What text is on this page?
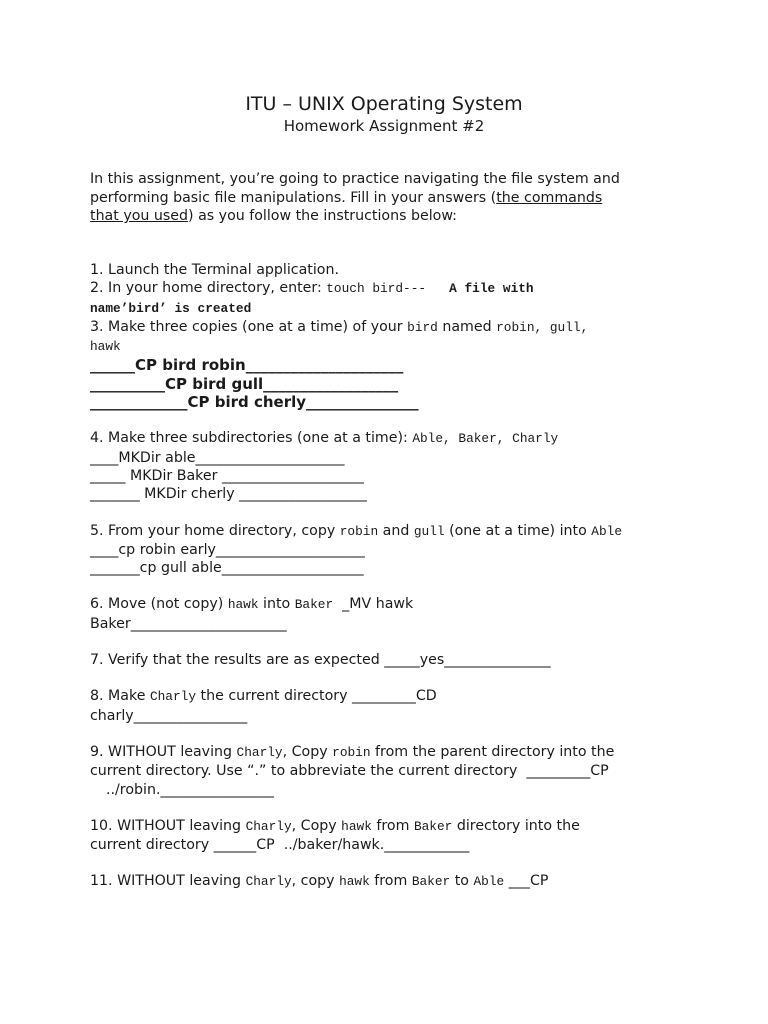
ITU – UNIX Operating System
Homework Assignment #2
In this assignment, you’re going to practice navigating the file system and
performing basic file manipulations. Fill in your answers (the commands
that you used) as you follow the instructions below:
1. Launch the Terminal application.
2. In your home directory, enter: touch bird---   A file with
name’bird’ is created
3. Make three copies (one at a time) of your bird named robin, gull,
hawk
______CP bird robin_____________________
__________CP bird gull__________________
_____________CP bird cherly_______________
4. Make three subdirectories (one at a time): Able, Baker, Charly
____MKDir able_____________________
_____ MKDir Baker ____________________
_______ MKDir cherly __________________
5. From your home directory, copy robin and gull (one at a time) into Able
____cp robin early_____________________
_______cp gull able____________________
6. Move (not copy) hawk into Baker  _MV hawk
Baker______________________
7. Verify that the results are as expected _____yes_______________
8. Make Charly the current directory _________CD
charly________________
9. WITHOUT leaving Charly, Copy robin from the parent directory into the
current directory. Use “.” to abbreviate the current directory  _________CP
../robin.________________
10. WITHOUT leaving Charly, Copy hawk from Baker directory into the
current directory ______CP  ../baker/hawk.____________
11. WITHOUT leaving Charly, copy hawk from Baker to Able ___CP
